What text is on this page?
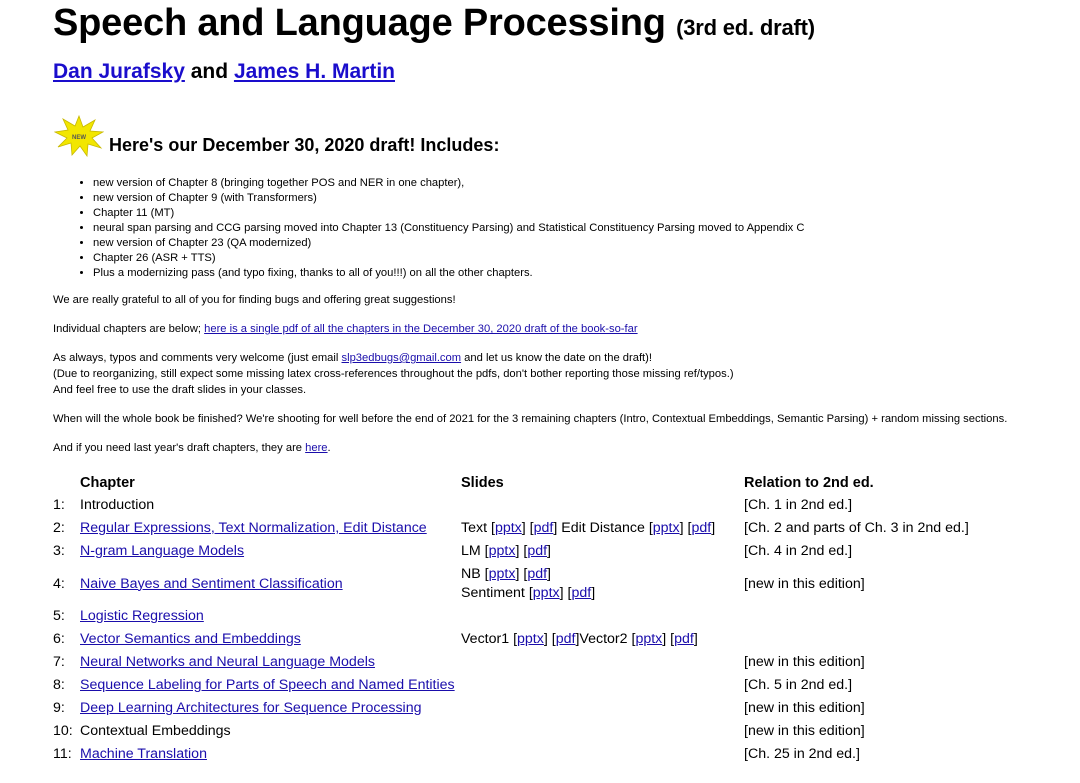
Speech and Language Processing (3rd ed. draft)
Dan Jurafsky and James H. Martin
NEW Here's our December 30, 2020 draft! Includes:
• new version of Chapter 8 (bringing together POS and NER in one chapter),
• new version of Chapter 9 (with Transformers)
• Chapter 11 (MT)
• neural span parsing and CCG parsing moved into Chapter 13 (Constituency Parsing) and Statistical Constituency Parsing moved to Appendix C
• new version of Chapter 23 (QA modernized)
• Chapter 26 (ASR + TTS)
• Plus a modernizing pass (and typo fixing, thanks to all of you!!!) on all the other chapters.

We are really grateful to all of you for finding bugs and offering great suggestions!

Individual chapters are below; here is a single pdf of all the chapters in the December 30, 2020 draft of the book-so-far

As always, typos and comments very welcome (just email slp3edbugs@gmail.com and let us know the date on the draft)!
(Due to reorganizing, still expect some missing latex cross-references throughout the pdfs, don't bother reporting those missing ref/typos.)
And feel free to use the draft slides in your classes.

When will the whole book be finished? We're shooting for well before the end of 2021 for the 3 remaining chapters (Intro, Contextual Embeddings, Semantic Parsing) + random missing sections.

And if you need last year's draft chapters, they are here.

	Chapter	Slides	Relation to 2nd ed.
1:	Introduction		[Ch. 1 in 2nd ed.]
2:	Regular Expressions, Text Normalization, Edit Distance	Text [pptx] [pdf] Edit Distance [pptx] [pdf]	[Ch. 2 and parts of Ch. 3 in 2nd ed.]
3:	N-gram Language Models	LM [pptx] [pdf]	[Ch. 4 in 2nd ed.]
4:	Naive Bayes and Sentiment Classification	NB [pptx] [pdf]
Sentiment [pptx] [pdf]	[new in this edition]
5:	Logistic Regression		
6:	Vector Semantics and Embeddings	Vector1 [pptx] [pdf]Vector2 [pptx] [pdf]	
7:	Neural Networks and Neural Language Models		[new in this edition]
8:	Sequence Labeling for Parts of Speech and Named Entities		[Ch. 5 in 2nd ed.]
9:	Deep Learning Architectures for Sequence Processing		[new in this edition]
10:	Contextual Embeddings		[new in this edition]
11:	Machine Translation		[Ch. 25 in 2nd ed.]
